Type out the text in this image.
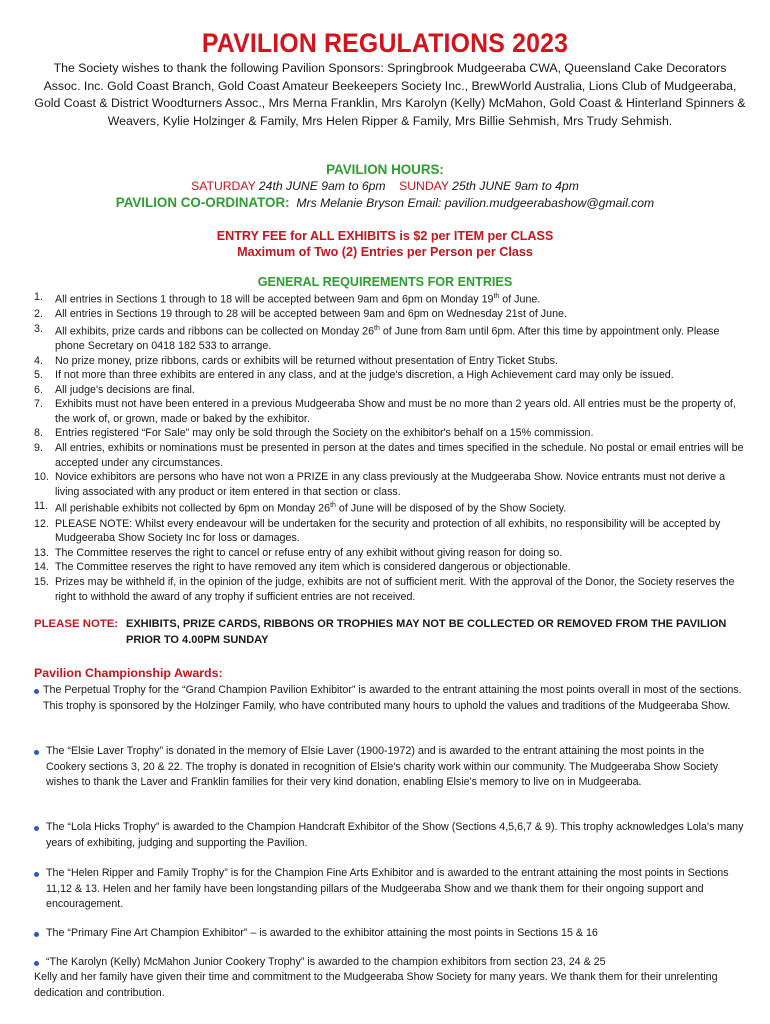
PAVILION REGULATIONS 2023
The Society wishes to thank the following Pavilion Sponsors: Springbrook Mudgeeraba CWA, Queensland Cake Decorators Assoc. Inc. Gold Coast Branch, Gold Coast Amateur Beekeepers Society Inc., BrewWorld Australia, Lions Club of Mudgeeraba, Gold Coast & District Woodturners Assoc., Mrs Merna Franklin, Mrs Karolyn (Kelly) McMahon, Gold Coast & Hinterland Spinners & Weavers, Kylie Holzinger & Family, Mrs Helen Ripper & Family, Mrs Billie Sehmish, Mrs Trudy Sehmish.
PAVILION HOURS:
SATURDAY 24th JUNE 9am to 6pm SUNDAY 25th JUNE 9am to 4pm
PAVILION CO-ORDINATOR: Mrs Melanie Bryson Email: pavilion.mudgeerabashow@gmail.com
ENTRY FEE for ALL EXHIBITS is $2 per ITEM per CLASS
Maximum of Two (2) Entries per Person per Class
GENERAL REQUIREMENTS FOR ENTRIES
1. All entries in Sections 1 through to 18 will be accepted between 9am and 6pm on Monday 19th of June.
2. All entries in Sections 19 through to 28 will be accepted between 9am and 6pm on Wednesday 21st of June.
3. All exhibits, prize cards and ribbons can be collected on Monday 26th of June from 8am until 6pm. After this time by appointment only. Please phone Secretary on 0418 182 533 to arrange.
4. No prize money, prize ribbons, cards or exhibits will be returned without presentation of Entry Ticket Stubs.
5. If not more than three exhibits are entered in any class, and at the judge's discretion, a High Achievement card may only be issued.
6. All judge's decisions are final.
7. Exhibits must not have been entered in a previous Mudgeeraba Show and must be no more than 2 years old. All entries must be the property of, the work of, or grown, made or baked by the exhibitor.
8. Entries registered “For Sale” may only be sold through the Society on the exhibitor's behalf on a 15% commission.
9. All entries, exhibits or nominations must be presented in person at the dates and times specified in the schedule. No postal or email entries will be accepted under any circumstances.
10. Novice exhibitors are persons who have not won a PRIZE in any class previously at the Mudgeeraba Show. Novice entrants must not derive a living associated with any product or item entered in that section or class.
11. All perishable exhibits not collected by 6pm on Monday 26th of June will be disposed of by the Show Society.
12. PLEASE NOTE: Whilst every endeavour will be undertaken for the security and protection of all exhibits, no responsibility will be accepted by Mudgeeraba Show Society Inc for loss or damages.
13. The Committee reserves the right to cancel or refuse entry of any exhibit without giving reason for doing so.
14. The Committee reserves the right to have removed any item which is considered dangerous or objectionable.
15. Prizes may be withheld if, in the opinion of the judge, exhibits are not of sufficient merit. With the approval of the Donor, the Society reserves the right to withhold the award of any trophy if sufficient entries are not received.
PLEASE NOTE: EXHIBITS, PRIZE CARDS, RIBBONS OR TROPHIES MAY NOT BE COLLECTED OR REMOVED FROM THE PAVILION PRIOR TO 4.00PM SUNDAY
Pavilion Championship Awards:
The Perpetual Trophy for the “Grand Champion Pavilion Exhibitor” is awarded to the entrant attaining the most points overall in most of the sections. This trophy is sponsored by the Holzinger Family, who have contributed many hours to uphold the values and traditions of the Mudgeeraba Show.
The “Elsie Laver Trophy” is donated in the memory of Elsie Laver (1900-1972) and is awarded to the entrant attaining the most points in the Cookery sections 3, 20 & 22. The trophy is donated in recognition of Elsie's charity work within our community. The Mudgeeraba Show Society wishes to thank the Laver and Franklin families for their very kind donation, enabling Elsie's memory to live on in Mudgeeraba.
The “Lola Hicks Trophy” is awarded to the Champion Handcraft Exhibitor of the Show (Sections 4,5,6,7 & 9). This trophy acknowledges Lola's many years of exhibiting, judging and supporting the Pavilion.
The “Helen Ripper and Family Trophy” is for the Champion Fine Arts Exhibitor and is awarded to the entrant attaining the most points in Sections 11,12 & 13. Helen and her family have been longstanding pillars of the Mudgeeraba Show and we thank them for their ongoing support and encouragement.
The “Primary Fine Art Champion Exhibitor” – is awarded to the exhibitor attaining the most points in Sections 15 & 16
“The Karolyn (Kelly) McMahon Junior Cookery Trophy” is awarded to the champion exhibitors from section 23, 24 & 25
Kelly and her family have given their time and commitment to the Mudgeeraba Show Society for many years. We thank them for their unrelenting dedication and contribution.
